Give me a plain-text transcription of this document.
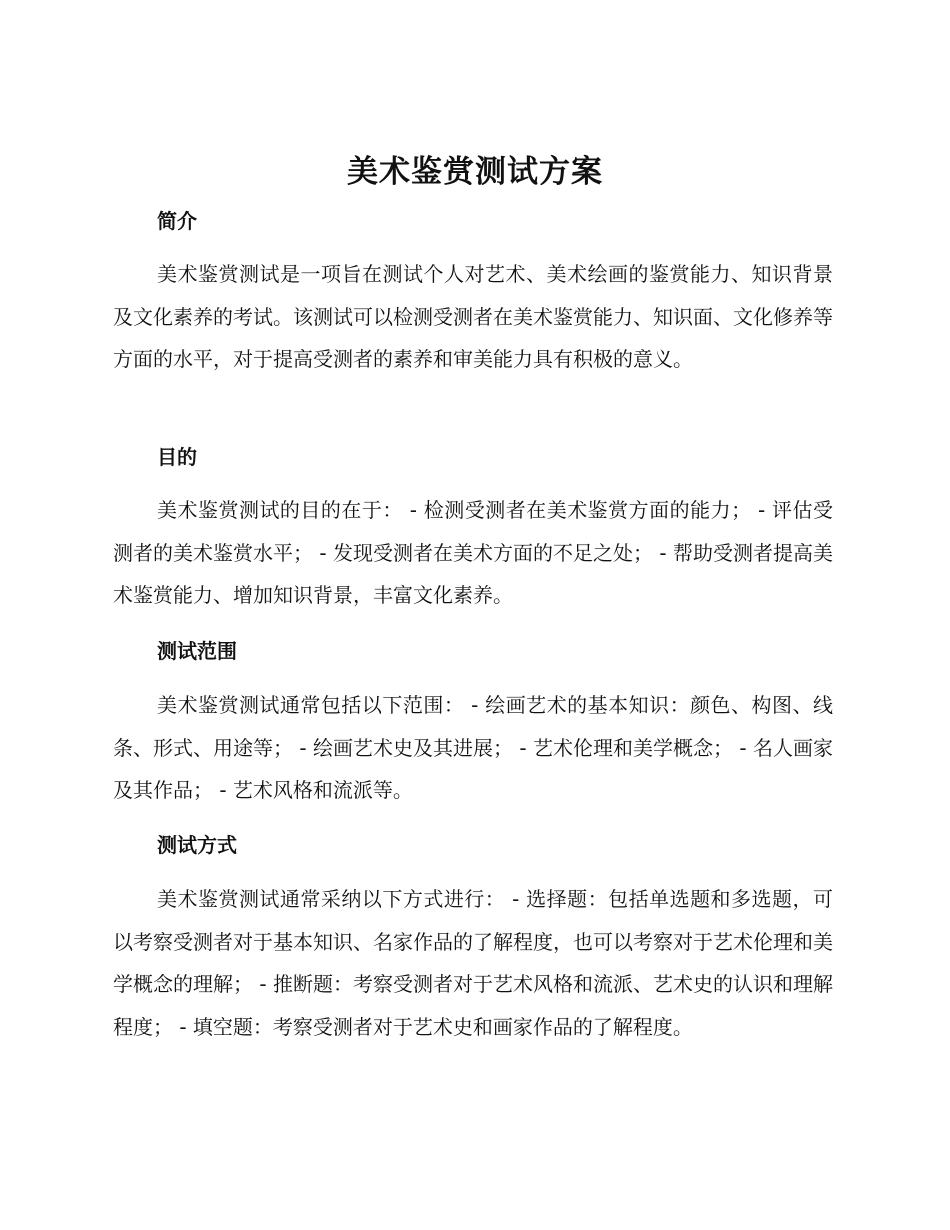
美术鉴赏测试方案
简介

美术鉴赏测试是一项旨在测试个人对艺术、美术绘画的鉴赏能力、知识背景及文化素养的考试。该测试可以检测受测者在美术鉴赏能力、知识面、文化修养等方面的水平，对于提高受测者的素养和审美能力具有积极的意义。

目的

美术鉴赏测试的目的在于： - 检测受测者在美术鉴赏方面的能力； - 评估受测者的美术鉴赏水平； - 发现受测者在美术方面的不足之处； - 帮助受测者提高美术鉴赏能力、增加知识背景，丰富文化素养。

测试范围

美术鉴赏测试通常包括以下范围： - 绘画艺术的基本知识：颜色、构图、线条、形式、用途等； - 绘画艺术史及其进展； - 艺术伦理和美学概念； - 名人画家及其作品； - 艺术风格和流派等。

测试方式

美术鉴赏测试通常采纳以下方式进行： - 选择题：包括单选题和多选题，可以考察受测者对于基本知识、名家作品的了解程度，也可以考察对于艺术伦理和美学概念的理解； - 推断题：考察受测者对于艺术风格和流派、艺术史的认识和理解程度； - 填空题：考察受测者对于艺术史和画家作品的了解程度。
